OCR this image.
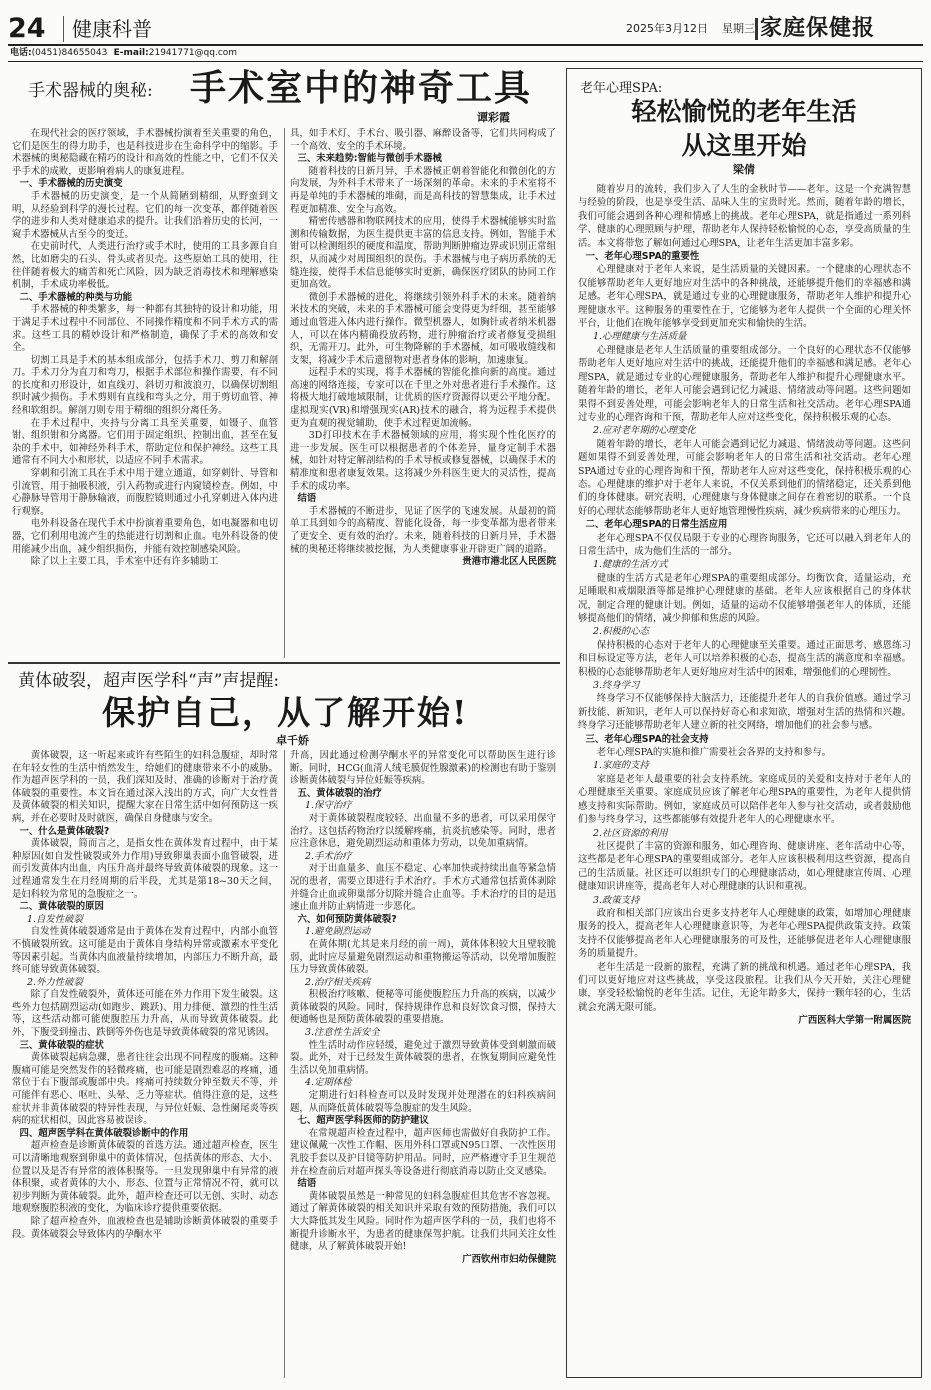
24 健康科普	2025年3月12日 星期三 家庭保健报
电话:(0451)84655043 E-mail:21941771@qq.com
手术器械的奥秘: 手术室中的神奇工具
谭彩霞

在现代社会的医疗领域，手术器械扮演着至关重要的角色，它们是医生的得力助手，也是科技进步在生命科学中的缩影。手术器械的奥秘隐藏在精巧的设计和高效的性能之中，它们不仅关乎手术的成败，更影响着病人的康复进程。

一、手术器械的历史演变

手术器械的历史演变，是一个从简陋到精细，从野蛮到文明，从经验到科学的漫长过程。它们的每一次变革，都伴随着医学的进步和人类对健康追求的提升。让我们沿着历史的长河，一窥手术器械从古至今的变迁。

在史前时代，人类进行治疗或手术时，使用的工具多源自自然，比如磨尖的石头、骨头或者贝壳。这些原始工具的使用，往往伴随着极大的痛苦和死亡风险，因为缺乏消毒技术和理解感染机制，手术成功率极低。

二、手术器械的种类与功能

手术器械的种类繁多，每一种都有其独特的设计和功能，用于满足手术过程中不同部位、不同操作精度和不同手术方式的需求。这些工具的精妙设计和严格制造，确保了手术的高效和安全。

切割工具是手术的基本组成部分，包括手术刀、剪刀和解剖刀。手术刀分为直刀和弯刀，根据手术部位和操作需要，有不同的长度和刃形设计，如直线刃、斜切刃和波浪刃，以确保切割组织时减少损伤。手术剪则有直线和弯头之分，用于剪切血管、神经和软组织。解剖刀则专用于精细的组织分离任务。

在手术过程中，夹持与分离工具至关重要，如镊子、血管钳、组织钳和分离器。它们用于固定组织、控制出血，甚至在复杂的手术中，如神经外科手术，帮助定位和保护神经。这些工具通常有不同大小和形状，以适应不同手术需求。

穿刺和引流工具在手术中用于建立通道，如穿刺针、导管和引流管，用于抽吸积液，引入药物或进行内窥镜检查。例如，中心静脉导管用于静脉输液，而腹腔镜则通过小孔穿刺进入体内进行观察。

电外科设备在现代手术中扮演着重要角色，如电凝器和电切器，它们利用电流产生的热能进行切割和止血。电外科设备的使用能减少出血，减少组织损伤，并能有效控制感染风险。

除了以上主要工具，手术室中还有许多辅助工

具，如手术灯、手术台、吸引器、麻醉设备等，它们共同构成了一个高效、安全的手术环境。

三、未来趋势:智能与微创手术器械

随着科技的日新月异，手术器械正朝着智能化和微创化的方向发展，为外科手术带来了一场深刻的革命。未来的手术室将不再是单纯的手术器械的堆砌，而是高科技的智慧集成，让手术过程更加精准、安全与高效。

精密传感器和物联网技术的应用，使得手术器械能够实时监测和传输数据，为医生提供更丰富的信息支持。例如，智能手术钳可以检测组织的硬度和温度，帮助判断肿瘤边界或识别正常组织，从而减少对周围组织的误伤。手术器械与电子病历系统的无缝连接，使得手术信息能够实时更新，确保医疗团队的协同工作更加高效。

微创手术器械的进化，将继续引领外科手术的未来。随着纳米技术的突破，未来的手术器械可能会变得更为纤细，甚至能够通过血管进入体内进行操作。微型机器人，如胸针或者纳米机器人，可以在体内精确投放药物，进行肿瘤治疗或者修复受损组织，无需开刀。此外，可生物降解的手术器械，如可吸收缝线和支架，将减少手术后遗留物对患者身体的影响，加速康复。

远程手术的实现，将手术器械的智能化推向新的高度。通过高速的网络连接，专家可以在千里之外对患者进行手术操作。这将极大地打破地域限制，让优质的医疗资源得以更公平地分配。虚拟现实(VR)和增强现实(AR)技术的融合，将为远程手术提供更为直观的视觉辅助，使手术过程更加流畅。

3D打印技术在手术器械领域的应用，将实现个性化医疗的进一步发展。医生可以根据患者的个体差异，量身定制手术器械，如针对特定解剖结构的手术导板或修复器械，以确保手术的精准度和患者康复效果。这将减少外科医生更大的灵活性，提高手术的成功率。

结语

手术器械的不断进步，见证了医学的飞速发展。从最初的简单工具到如今的高精度、智能化设备，每一步变革都为患者带来了更安全、更有效的治疗。未来，随着科技的日新月异，手术器械的奥秘还将继续被挖掘，为人类健康事业开辟更广阔的道路。

贵港市港北区人民医院

黄体破裂，超声医学科“声”声提醒:
保护自己，从了解开始!
卓千娇

黄体破裂，这一听起来或许有些陌生的妇科急腹症，却时常在年轻女性的生活中悄然发生，给她们的健康带来不小的威胁。作为超声医学科的一员，我们深知及时、准确的诊断对于治疗黄体破裂的重要性。本文旨在通过深入浅出的方式，向广大女性普及黄体破裂的相关知识，提醒大家在日常生活中如何预防这一疾病，并在必要时及时就医，确保自身健康与安全。

一、什么是黄体破裂?

黄体破裂，简而言之，是指女性在黄体发育过程中，由于某种原因(如自发性破裂或外力作用)导致卵巢表面小血管破裂，进而引发黄体内出血，内压升高并最终导致黄体破裂的现象。这一过程通常发生在月经周期的后半段，尤其是第18~30天之间，是妇科较为常见的急腹症之一。

二、黄体破裂的原因

1.自发性破裂

自发性黄体破裂通常是由于黄体在发育过程中，内部小血管不慎破裂所致。这可能是由于黄体自身结构异常或激素水平变化等因素引起。当黄体内血液量持续增加，内部压力不断升高，最终可能导致黄体破裂。

2.外力性破裂

除了自发性破裂外，黄体还可能在外力作用下发生破裂。这些外力包括剧烈运动(如跑步、跳跃)、用力排便、激烈的性生活等，这些活动都可能使腹腔压力升高，从而导致黄体破裂。此外，下腹受到撞击、跌倒等外伤也是导致黄体破裂的常见诱因。

三、黄体破裂的症状

黄体破裂起病急骤，患者往往会出现不同程度的腹痛。这种腹痛可能是突然发作的轻微疼痛，也可能是剧烈难忍的疼痛，通常位于右下腹部或腹部中央。疼痛可持续数分钟至数天不等，并可能伴有恶心、呕吐、头晕、乏力等症状。值得注意的是，这些症状并非黄体破裂的特异性表现，与异位妊娠、急性阑尾炎等疾病的症状相似，因此容易被误诊。

四、超声医学科在黄体破裂诊断中的作用

超声检查是诊断黄体破裂的首选方法。通过超声检查，医生可以清晰地观察到卵巢中的黄体情况，包括黄体的形态、大小、位置以及是否有异常的液体积聚等。一旦发现卵巢中有异常的液体积聚，或者黄体的大小、形态、位置与正常情况不符，就可以初步判断为黄体破裂。此外，超声检查还可以无创、实时、动态地观察腹腔积液的变化，为临床诊疗提供重要依据。

除了超声检查外，血液检查也是辅助诊断黄体破裂的重要手段。黄体破裂会导致体内的孕酮水平

升高，因此通过检测孕酮水平的异常变化可以帮助医生进行诊断。同时，HCG(血清人绒毛膜促性腺激素)的检测也有助于鉴别诊断黄体破裂与异位妊娠等疾病。

五、黄体破裂的治疗

1.保守治疗

对于黄体破裂程度较轻、出血量不多的患者，可以采用保守治疗。这包括药物治疗以缓解疼痛，抗炎抗感染等。同时，患者应注意休息，避免剧烈运动和重体力劳动，以免加重病情。

2.手术治疗

对于出血量多、血压不稳定、心率加快或持续出血等紧急情况的患者，需要立即进行手术治疗。手术方式通常包括黄体剥除并缝合止血或卵巢部分切除并缝合止血等。手术治疗的目的是迅速止血并防止病情进一步恶化。

六、如何预防黄体破裂?

1.避免剧烈运动

在黄体期(尤其是来月经的前一周)，黄体体积较大且壁较脆弱，此时应尽量避免剧烈运动和重物搬运等活动，以免增加腹腔压力导致黄体破裂。

2.治疗相关疾病

积极治疗咳嗽、便秘等可能使腹腔压力升高的疾病，以减少黄体破裂的风险。同时，保持规律作息和良好饮食习惯，保持大便通畅也是预防黄体破裂的重要措施。

3.注意性生活安全

性生活时动作应轻缓，避免过于激烈导致黄体受到刺激而破裂。此外，对于已经发生黄体破裂的患者，在恢复期间应避免性生活以免加重病情。

4.定期体检

定期进行妇科检查可以及时发现并处理潜在的妇科疾病问题，从而降低黄体破裂等急腹症的发生风险。

七、超声医学科医师的防护建议

在常规超声检查过程中，超声医师也需做好自我防护工作。建议佩戴一次性工作帽、医用外科口罩或N95口罩、一次性医用乳胶手套以及护目镜等防护用品。同时，应严格遵守手卫生规范并在检查前后对超声探头等设备进行彻底消毒以防止交叉感染。

结语

黄体破裂虽然是一种常见的妇科急腹症但其危害不容忽视。通过了解黄体破裂的相关知识并采取有效的预防措施，我们可以大大降低其发生风险。同时作为超声医学科的一员，我们也将不断提升诊断水平，为患者的健康保驾护航。让我们共同关注女性健康，从了解黄体破裂开始!

广西钦州市妇幼保健院

老年心理SPA:
轻松愉悦的老年生活
从这里开始
梁倩

随着岁月的流转，我们步入了人生的金秋时节——老年。这是一个充满智慧与经验的阶段，也是享受生活、品味人生的宝贵时光。然而，随着年龄的增长，我们可能会遇到各种心理和情感上的挑战。老年心理SPA，就是指通过一系列科学、健康的心理照顾与护理，帮助老年人保持轻松愉悦的心态，享受高质量的生活。本文将带您了解如何通过心理SPA，让老年生活更加丰富多彩。

一、老年心理SPA的重要性

心理健康对于老年人来说，是生活质量的关键因素。一个健康的心理状态不仅能够帮助老年人更好地应对生活中的各种挑战，还能够提升他们的幸福感和满足感。老年心理SPA，就是通过专业的心理健康服务，帮助老年人维护和提升心理健康水平。这种服务的重要性在于，它能够为老年人提供一个全面的心理关怀平台，让他们在晚年能够享受到更加充实和愉快的生活。

1.心理健康与生活质量

心理健康是老年人生活质量的重要组成部分。一个良好的心理状态不仅能够帮助老年人更好地应对生活中的挑战，还能提升他们的幸福感和满足感。老年心理SPA，就是通过专业的心理健康服务，帮助老年人维护和提升心理健康水平。随着年龄的增长，老年人可能会遇到记忆力减退、情绪波动等问题。这些问题如果得不到妥善处理，可能会影响老年人的日常生活和社交活动。老年心理SPA通过专业的心理咨询和干预，帮助老年人应对这些变化，保持积极乐观的心态。

2.应对老年期的心理变化

随着年龄的增长，老年人可能会遇到记忆力减退、情绪波动等问题。这些问题如果得不到妥善处理，可能会影响老年人的日常生活和社交活动。老年心理SPA通过专业的心理咨询和干预，帮助老年人应对这些变化，保持积极乐观的心态。心理健康的维护对于老年人来说，不仅关系到他们的情绪稳定，还关系到他们的身体健康。研究表明，心理健康与身体健康之间存在着密切的联系。一个良好的心理状态能够帮助老年人更好地管理慢性疾病，减少疾病带来的心理压力。

二、老年心理SPA的日常生活应用

老年心理SPA不仅仅局限于专业的心理咨询服务，它还可以融入到老年人的日常生活中，成为他们生活的一部分。

1.健康的生活方式

健康的生活方式是老年心理SPA的重要组成部分。均衡饮食，适量运动，充足睡眠和戒烟限酒等都是维护心理健康的基础。老年人应该根据自己的身体状况，制定合理的健康计划。例如，适量的运动不仅能够增强老年人的体质，还能够提高他们的情绪，减少抑郁和焦虑的风险。

2.积极的心态

保持积极的心态对于老年人的心理健康至关重要。通过正面思考、感恩练习和目标设定等方法，老年人可以培养积极的心态，提高生活的满意度和幸福感。积极的心态能够帮助老年人更好地应对生活中的困难，增强他们的心理韧性。

3.终身学习

终身学习不仅能够保持大脑活力，还能提升老年人的自我价值感。通过学习新技能、新知识，老年人可以保持好奇心和求知欲，增强对生活的热情和兴趣。终身学习还能够帮助老年人建立新的社交网络，增加他们的社会参与感。

三、老年心理SPA的社会支持

老年心理SPA的实施和推广需要社会各界的支持和参与。

1.家庭的支持

家庭是老年人最重要的社会支持系统。家庭成员的关爱和支持对于老年人的心理健康至关重要。家庭成员应该了解老年心理SPA的重要性，为老年人提供情感支持和实际帮助。例如，家庭成员可以陪伴老年人参与社交活动，或者鼓励他们参与终身学习，这些都能够有效提升老年人的心理健康水平。

2.社区资源的利用

社区提供了丰富的资源和服务，如心理咨询、健康讲座、老年活动中心等，这些都是老年心理SPA的重要组成部分。老年人应该积极利用这些资源，提高自己的生活质量。社区还可以组织专门的心理健康活动，如心理健康宣传周、心理健康知识讲座等，提高老年人对心理健康的认识和重视。

3.政策支持

政府和相关部门应该出台更多支持老年人心理健康的政策，如增加心理健康服务的投入，提高老年人心理健康意识等，为老年心理SPA提供政策支持。政策支持不仅能够提高老年人心理健康服务的可及性，还能够促进老年人心理健康服务的质量提升。

老年生活是一段新的旅程，充满了新的挑战和机遇。通过老年心理SPA，我们可以更好地应对这些挑战，享受这段旅程。让我们从今天开始，关注心理健康，享受轻松愉悦的老年生活。记住，无论年龄多大，保持一颗年轻的心，生活就会充满无限可能。

广西医科大学第一附属医院
